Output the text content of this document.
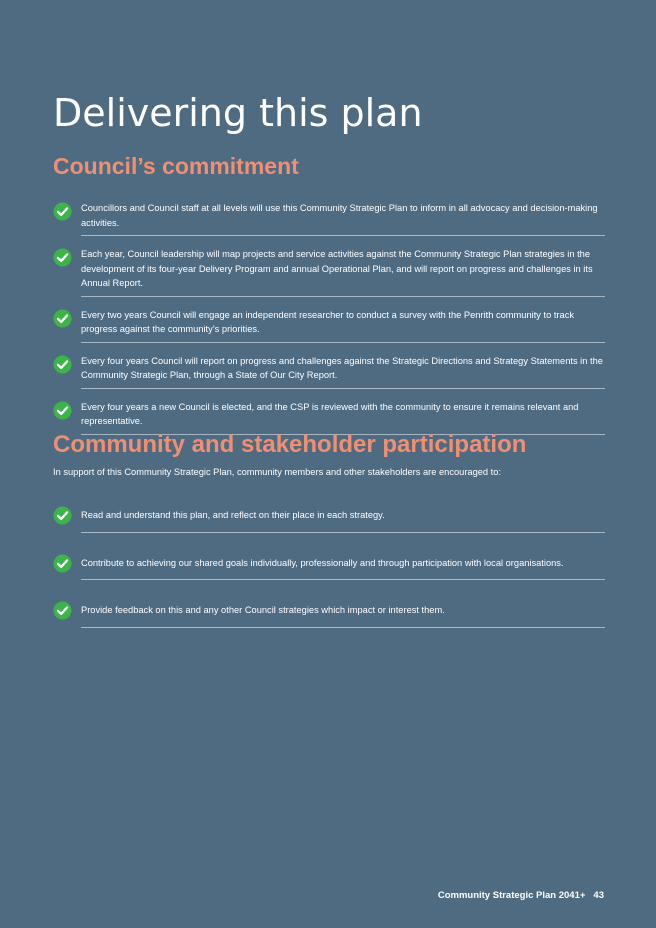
Delivering this plan
Council’s commitment
Councillors and Council staff at all levels will use this Community Strategic Plan to inform in all advocacy and decision-making activities.
Each year, Council leadership will map projects and service activities against the Community Strategic Plan strategies in the development of its four-year Delivery Program and annual Operational Plan, and will report on progress and challenges in its Annual Report.
Every two years Council will engage an independent researcher to conduct a survey with the Penrith community to track progress against the community’s priorities.
Every four years Council will report on progress and challenges against the Strategic Directions and Strategy Statements in the Community Strategic Plan, through a State of Our City Report.
Every four years a new Council is elected, and the CSP is reviewed with the community to ensure it remains relevant and representative.
Community and stakeholder participation

In support of this Community Strategic Plan, community members and other stakeholders are encouraged to:

Read and understand this plan, and reflect on their place in each strategy.
Contribute to achieving our shared goals individually, professionally and through participation with local organisations.
Provide feedback on this and any other Council strategies which impact or interest them.
Community Strategic Plan 2041+ 43
